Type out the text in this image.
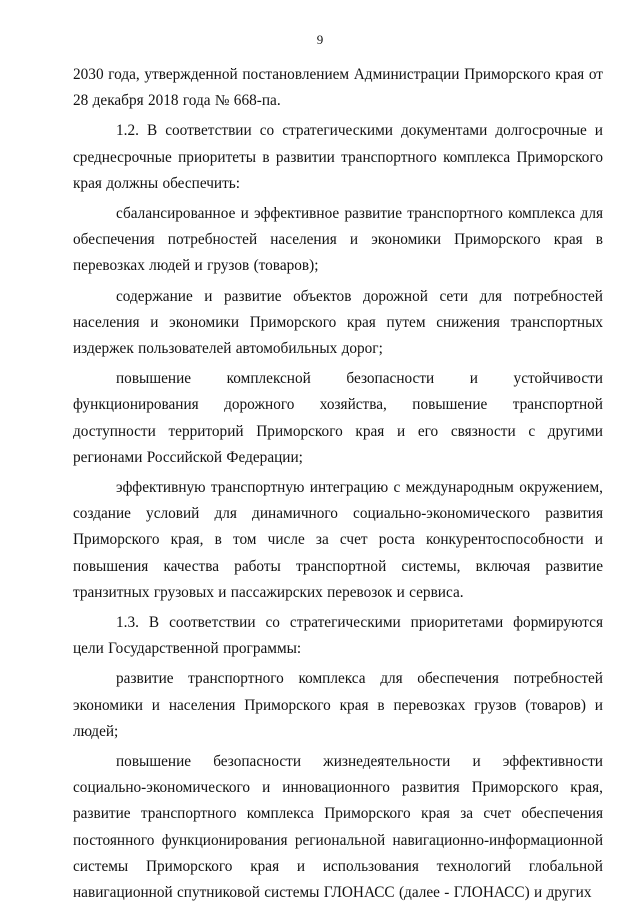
9

2030 года, утвержденной постановлением Администрации Приморского края от 28 декабря 2018 года № 668-па.

1.2. В соответствии со стратегическими документами долгосрочные и среднесрочные приоритеты в развитии транспортного комплекса Приморского края должны обеспечить:

сбалансированное и эффективное развитие транспортного комплекса для обеспечения потребностей населения и экономики Приморского края в перевозках людей и грузов (товаров);

содержание и развитие объектов дорожной сети для потребностей населения и экономики Приморского края путем снижения транспортных издержек пользователей автомобильных дорог;

повышение комплексной безопасности и устойчивости функционирования дорожного хозяйства, повышение транспортной доступности территорий Приморского края и его связности с другими регионами Российской Федерации;

эффективную транспортную интеграцию с международным окружением, создание условий для динамичного социально-экономического развития Приморского края, в том числе за счет роста конкурентоспособности и повышения качества работы транспортной системы, включая развитие транзитных грузовых и пассажирских перевозок и сервиса.

1.3. В соответствии со стратегическими приоритетами формируются цели Государственной программы:

развитие транспортного комплекса для обеспечения потребностей экономики и населения Приморского края в перевозках грузов (товаров) и людей;

повышение безопасности жизнедеятельности и эффективности социально-экономического и инновационного развития Приморского края, развитие транспортного комплекса Приморского края за счет обеспечения постоянного функционирования региональной навигационно-информационной системы Приморского края и использования технологий глобальной навигационной спутниковой системы ГЛОНАСС (далее - ГЛОНАСС) и других
